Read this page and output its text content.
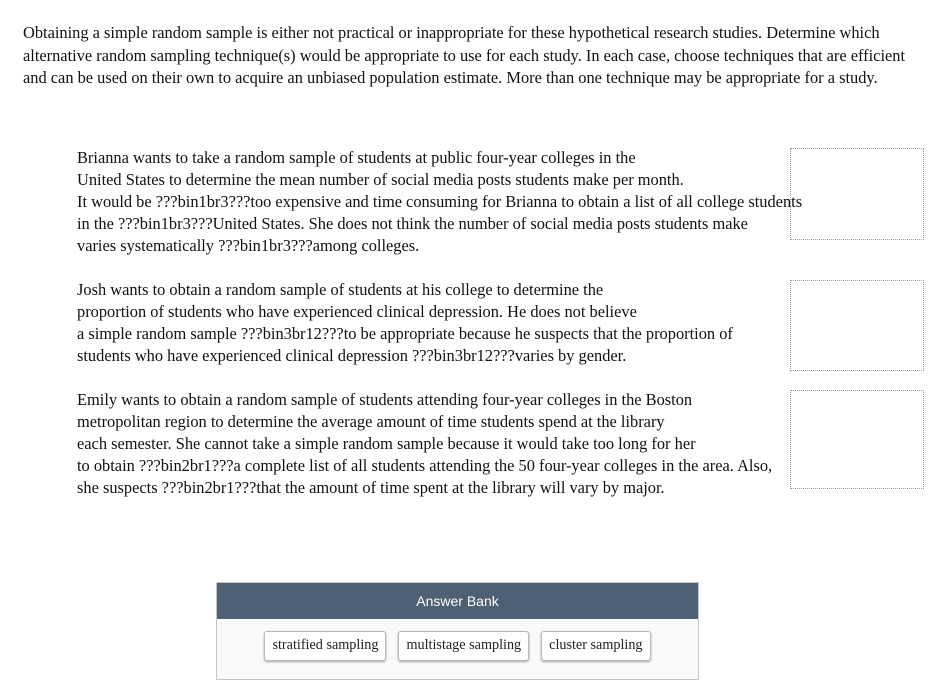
Obtaining a simple random sample is either not practical or inappropriate for these hypothetical research studies. Determine which alternative random sampling technique(s) would be appropriate to use for each study. In each case, choose techniques that are efficient and can be used on their own to acquire an unbiased population estimate. More than one technique may be appropriate for a study.
Brianna wants to take a random sample of students at public four-year colleges in the
United States to determine the mean number of social media posts students make per month.
It would be ???bin1br3???too expensive and time consuming for Brianna to obtain a list of all college students
in the ???bin1br3???United States. She does not think the number of social media posts students make
varies systematically ???bin1br3???among colleges.
Josh wants to obtain a random sample of students at his college to determine the
proportion of students who have experienced clinical depression. He does not believe
a simple random sample ???bin3br12???to be appropriate because he suspects that the proportion of
students who have experienced clinical depression ???bin3br12???varies by gender.
Emily wants to obtain a random sample of students attending four-year colleges in the Boston
metropolitan region to determine the average amount of time students spend at the library
each semester. She cannot take a simple random sample because it would take too long for her
to obtain ???bin2br1???a complete list of all students attending the 50 four-year colleges in the area. Also,
she suspects ???bin2br1???that the amount of time spent at the library will vary by major.
Answer Bank
stratified sampling	multistage sampling	cluster sampling
